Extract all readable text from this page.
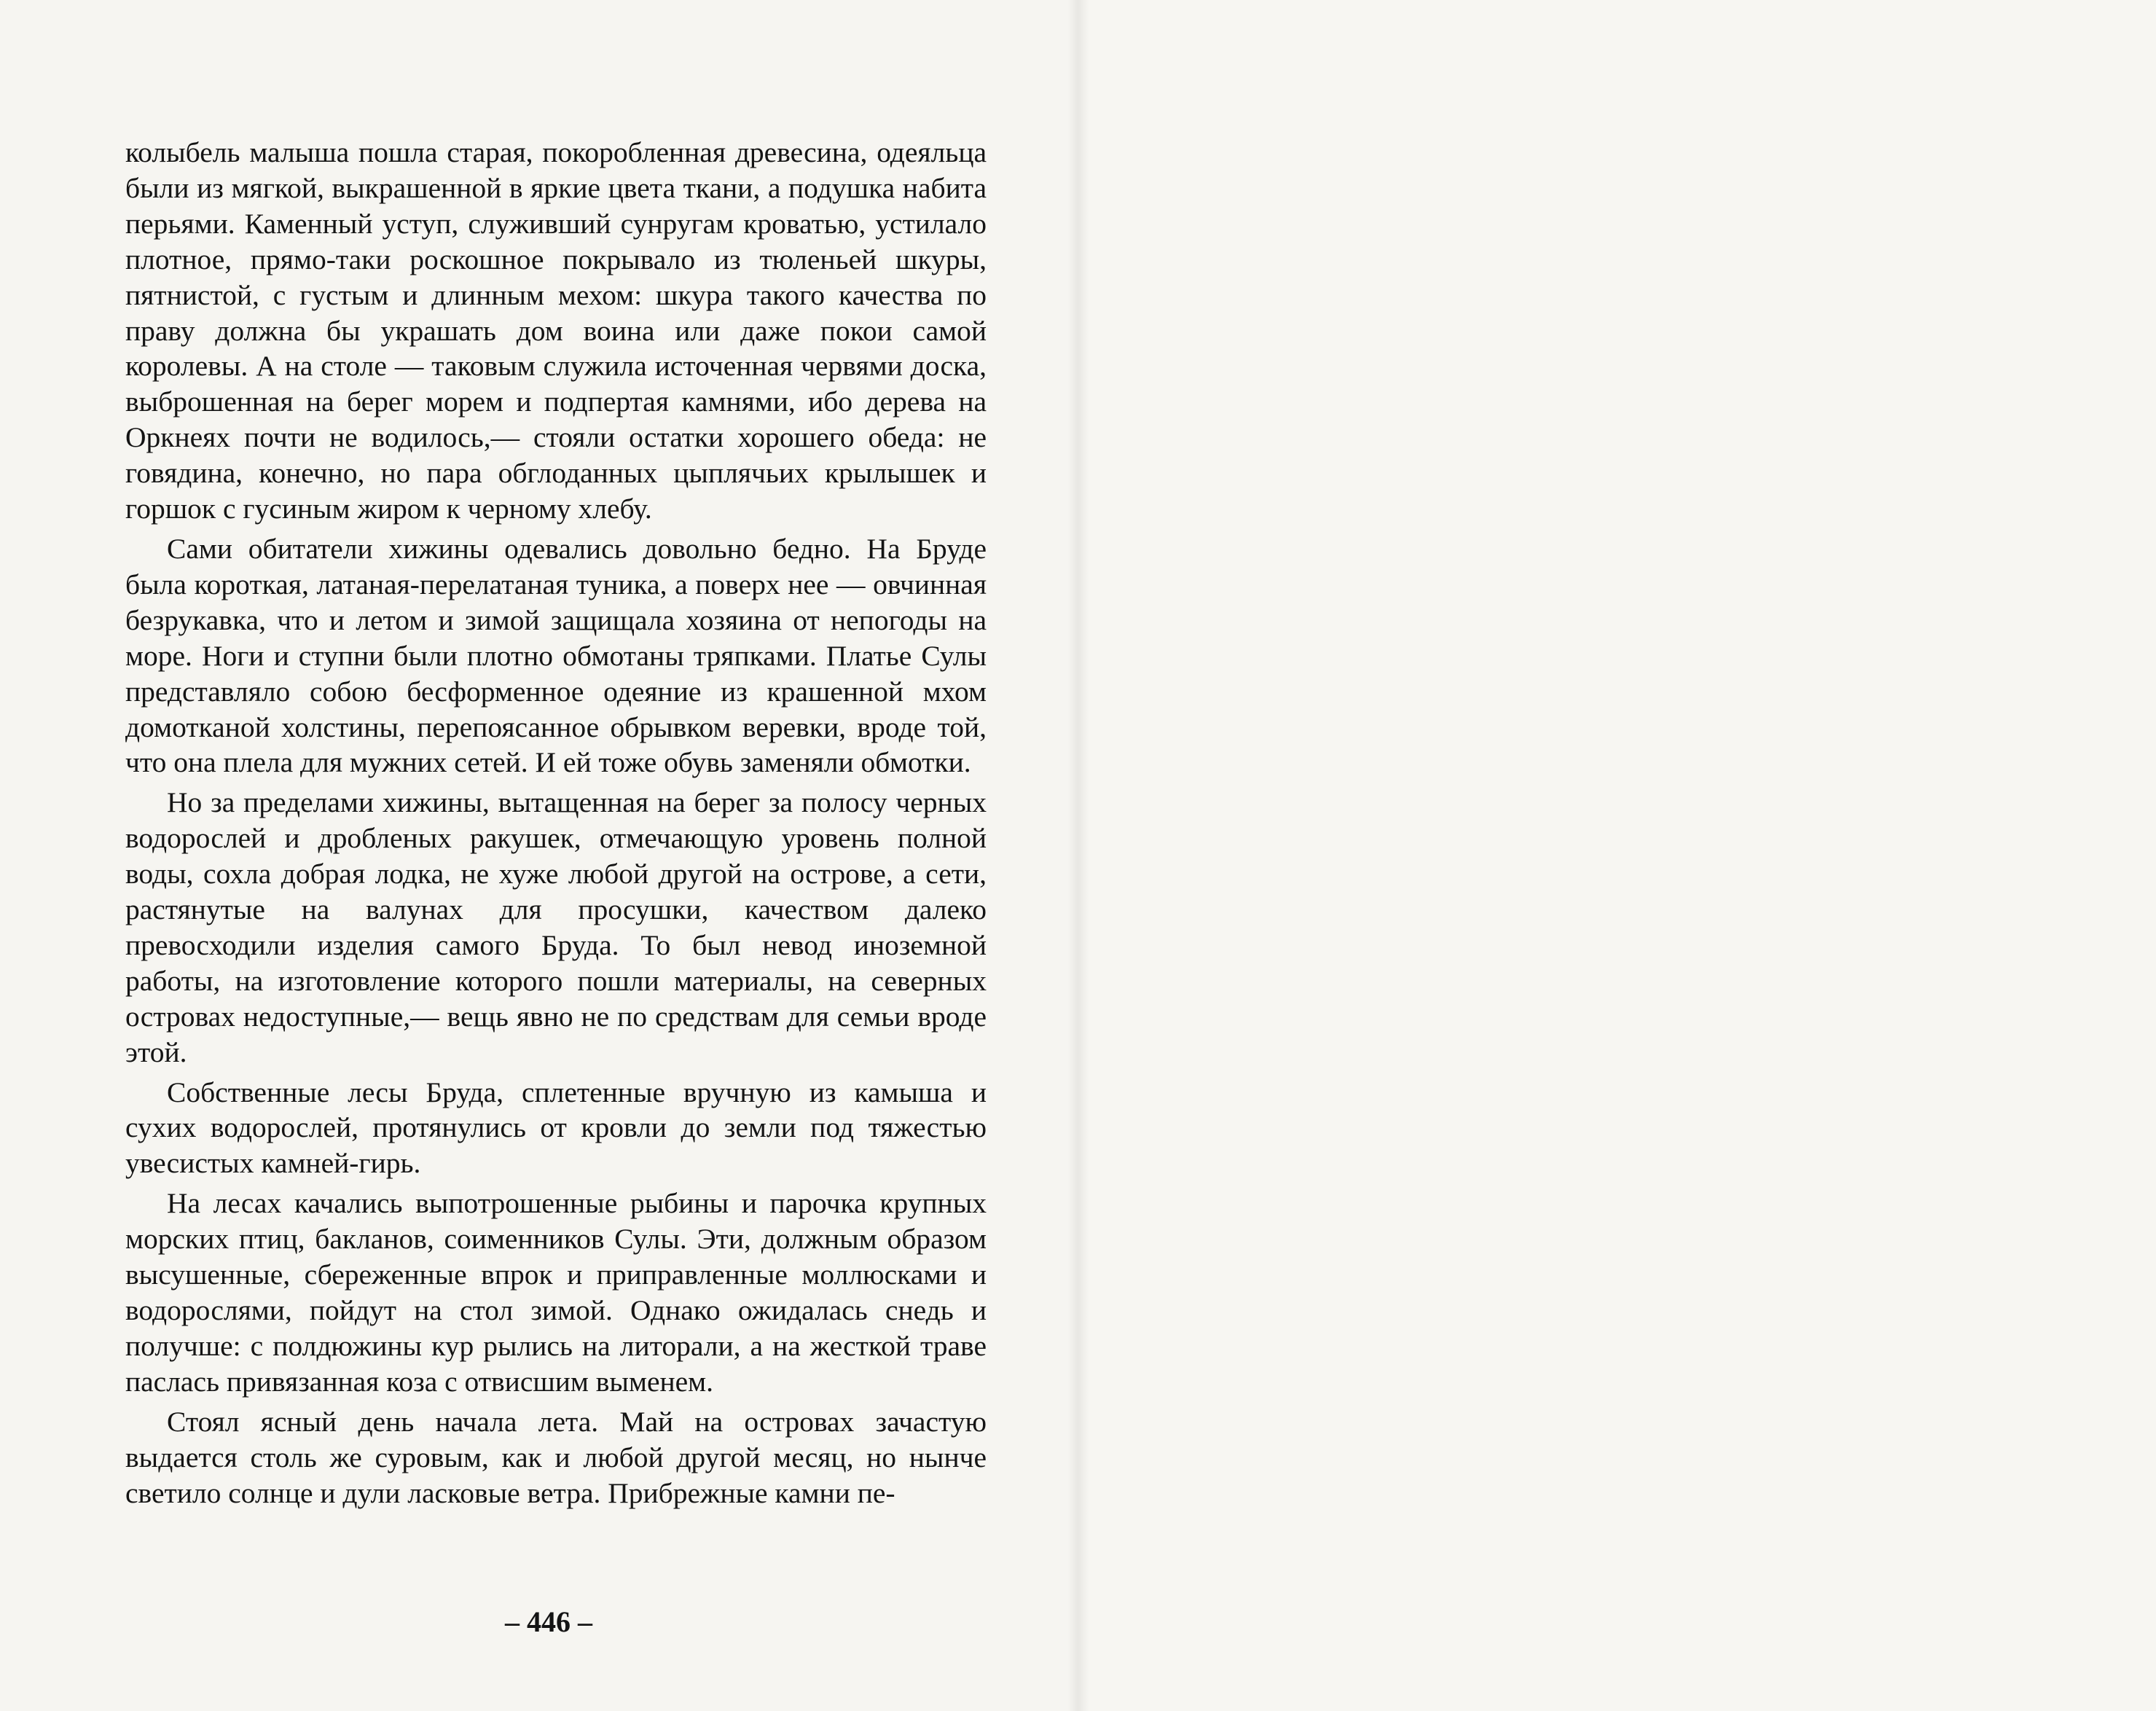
колыбель малыша пошла старая, покоробленная древесина, одеяльца были из мягкой, выкрашенной в яркие цвета ткани, а подушка набита перьями. Каменный уступ, служивший сунругам кроватью, устилало плотное, прямо-таки роскошное покрывало из тюленьей шкуры, пятнистой, с густым и длинным мехом: шкура такого качества по праву должна бы украшать дом воина или даже покои самой королевы. А на столе — таковым служила источенная червями доска, выброшенная на берег морем и подпертая камнями, ибо дерева на Оркнеях почти не водилось,— стояли остатки хорошего обеда: не говядина, конечно, но пара обглоданных цыплячьих крылышек и горшок с гусиным жиром к черному хлебу.

Сами обитатели хижины одевались довольно бедно. На Бруде была короткая, латаная-перелатаная туника, а поверх нее — овчинная безрукавка, что и летом и зимой защищала хозяина от непогоды на море. Ноги и ступни были плотно обмотаны тряпками. Платье Сулы представляло собою бесформенное одеяние из крашенной мхом домотканой холстины, перепоясанное обрывком веревки, вроде той, что она плела для мужних сетей. И ей тоже обувь заменяли обмотки.

Но за пределами хижины, вытащенная на берег за полосу черных водорослей и дробленых ракушек, отмечающую уровень полной воды, сохла добрая лодка, не хуже любой другой на острове, а сети, растянутые на валунах для просушки, качеством далеко превосходили изделия самого Бруда. То был невод иноземной работы, на изготовление которого пошли материалы, на северных островах недоступные,— вещь явно не по средствам для семьи вроде этой.

Собственные лесы Бруда, сплетенные вручную из камыша и сухих водорослей, протянулись от кровли до земли под тяжестью увесистых камней-гирь.

На лесах качались выпотрошенные рыбины и парочка крупных морских птиц, бакланов, соименников Сулы. Эти, должным образом высушенные, сбереженные впрок и приправленные моллюсками и водорослями, пойдут на стол зимой. Однако ожидалась снедь и получше: с полдюжины кур рылись на литорали, а на жесткой траве паслась привязанная коза с отвисшим выменем.

Стоял ясный день начала лета. Май на островах зачастую выдается столь же суровым, как и любой другой месяц, но нынче светило солнце и дули ласковые ветра. Прибрежные камни пе-

– 446 –
